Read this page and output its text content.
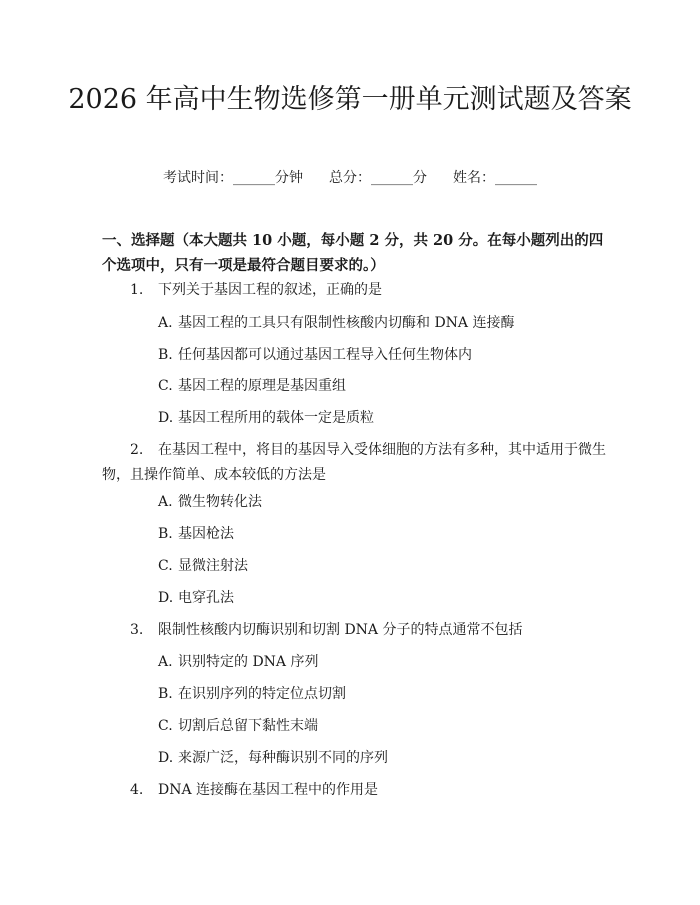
2026 年高中生物选修第一册单元测试题及答案
考试时间：______分钟 总分：______分 姓名：______

一、选择题（本大题共 10 小题，每小题 2 分，共 20 分。在每小题列出的四个选项中，只有一项是最符合题目要求的。）

1. 下列关于基因工程的叙述，正确的是

A. 基因工程的工具只有限制性核酸内切酶和 DNA 连接酶

B. 任何基因都可以通过基因工程导入任何生物体内

C. 基因工程的原理是基因重组

D. 基因工程所用的载体一定是质粒

2. 在基因工程中，将目的基因导入受体细胞的方法有多种，其中适用于微生物，且操作简单、成本较低的方法是

A. 微生物转化法

B. 基因枪法

C. 显微注射法

D. 电穿孔法

3. 限制性核酸内切酶识别和切割 DNA 分子的特点通常不包括

A. 识别特定的 DNA 序列

B. 在识别序列的特定位点切割

C. 切割后总留下黏性末端

D. 来源广泛，每种酶识别不同的序列

4. DNA 连接酶在基因工程中的作用是
